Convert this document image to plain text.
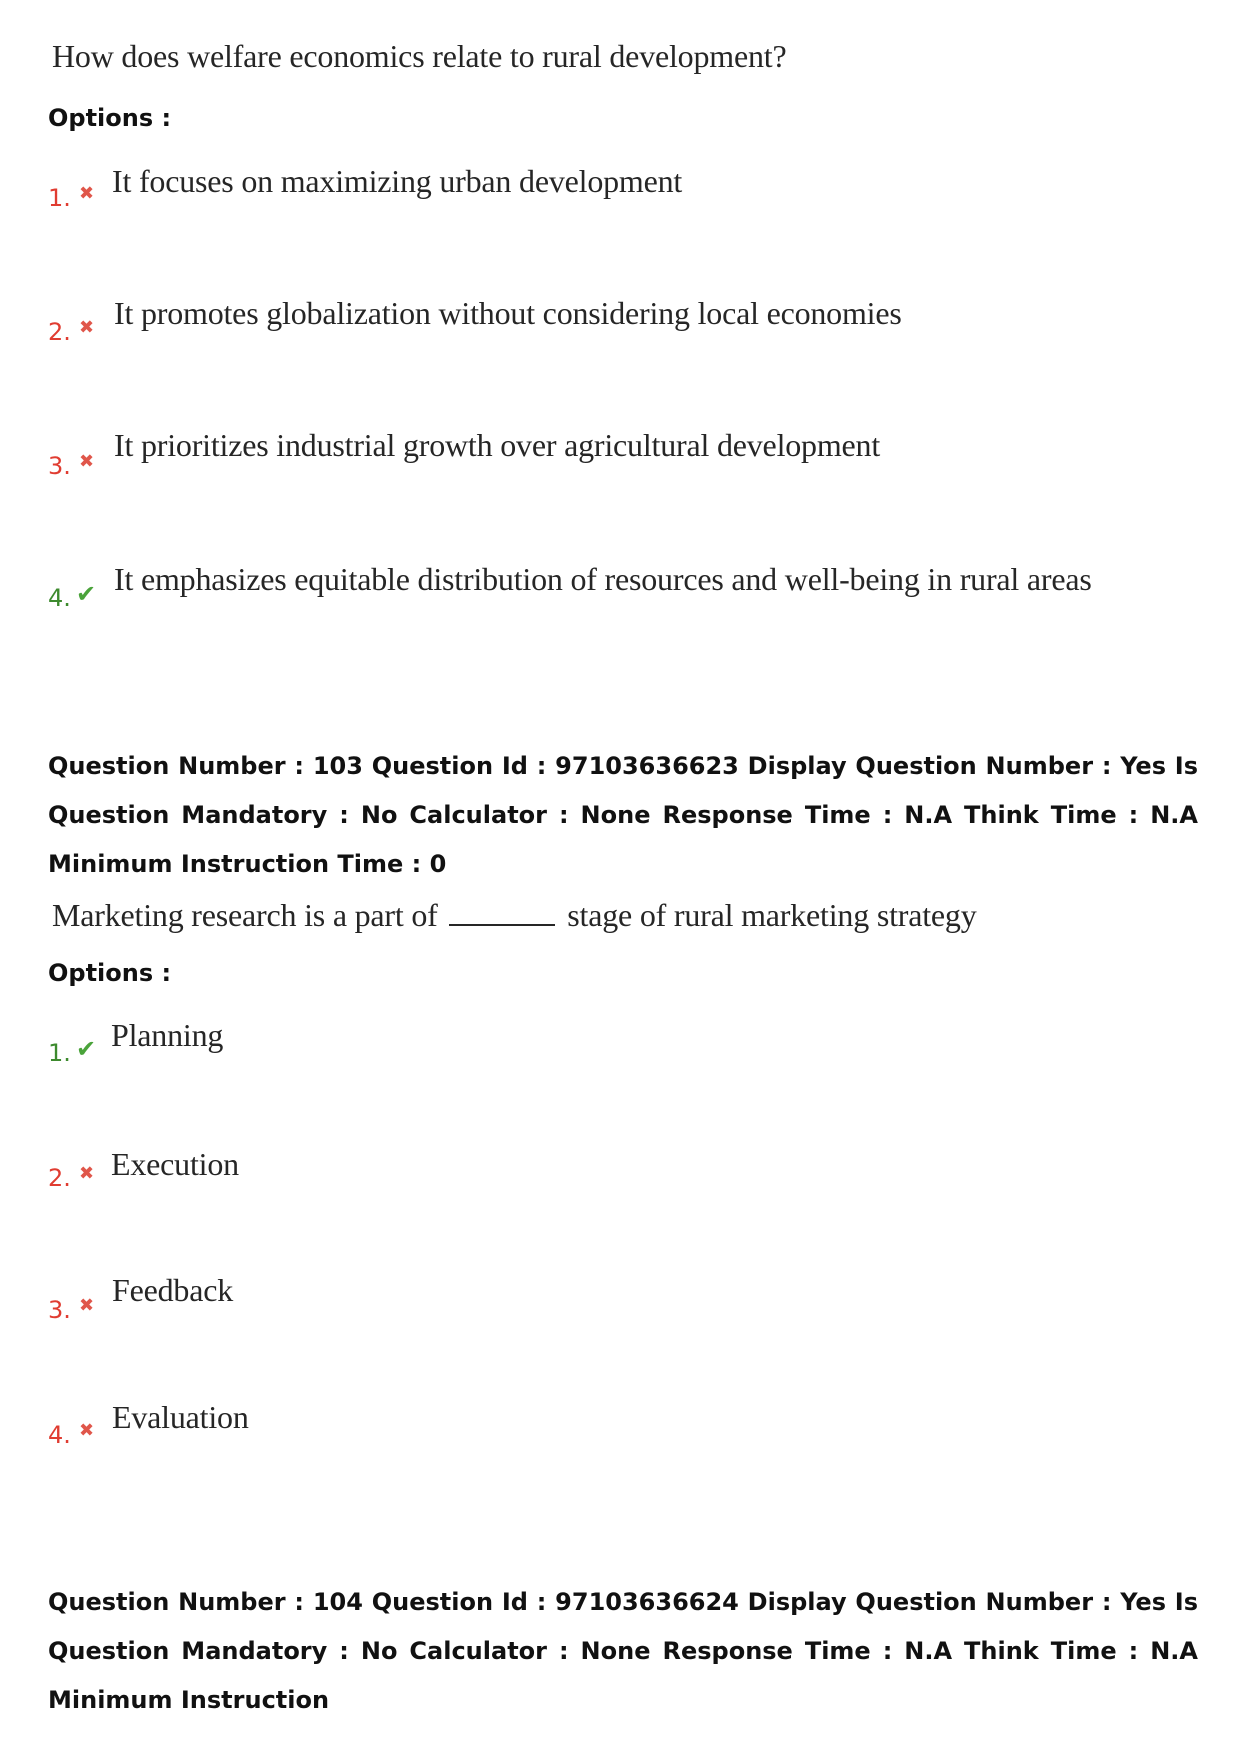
How does welfare economics relate to rural development?
Options :
1. ✖ It focuses on maximizing urban development
2. ✖ It promotes globalization without considering local economies
3. ✖ It prioritizes industrial growth over agricultural development
4. ✔ It emphasizes equitable distribution of resources and well-being in rural areas
Question Number : 103 Question Id : 97103636623 Display Question Number : Yes Is Question Mandatory : No Calculator : None Response Time : N.A Think Time : N.A Minimum Instruction Time : 0
Marketing research is a part of	stage of rural marketing strategy
Options :
1. ✔ Planning
2. ✖ Execution
3. ✖ Feedback
4. ✖ Evaluation
Question Number : 104 Question Id : 97103636624 Display Question Number : Yes Is Question Mandatory : No Calculator : None Response Time : N.A Think Time : N.A Minimum Instruction
